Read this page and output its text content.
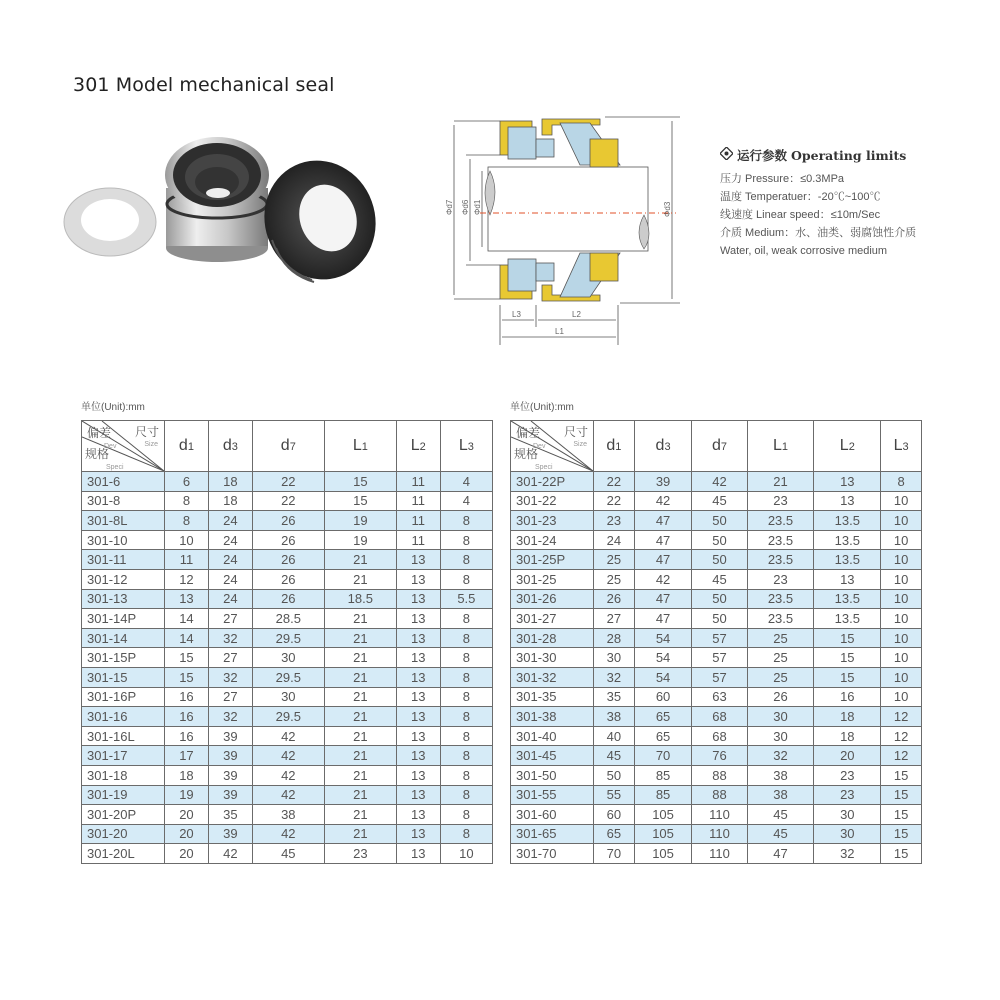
301 Model mechanical seal
Φd7 Φd6 Φd1	Φd3
L3	L2
L1
运行参数 Operating limits
压力 Pressure：≤0.3MPa
温度 Temperatuer：-20℃~100℃
线速度 Linear speed：≤10m/Sec
介质 Medium：水、油类、弱腐蚀性介质
Water, oil, weak corrosive medium
单位(Unit):mm	单位(Unit):mm
偏差 尺寸
Dev	Size
规格
Speci
	d1	d3	d7	L1	L2	L3
301-6	6	18	22	15	11	4
301-8	8	18	22	15	11	4
301-8L	8	24	26	19	11	8
301-10	10	24	26	19	11	8
301-11	11	24	26	21	13	8
301-12	12	24	26	21	13	8
301-13	13	24	26	18.5	13	5.5
301-14P	14	27	28.5	21	13	8
301-14	14	32	29.5	21	13	8
301-15P	15	27	30	21	13	8
301-15	15	32	29.5	21	13	8
301-16P	16	27	30	21	13	8
301-16	16	32	29.5	21	13	8
301-16L	16	39	42	21	13	8
301-17	17	39	42	21	13	8
301-18	18	39	42	21	13	8
301-19	19	39	42	21	13	8
301-20P	20	35	38	21	13	8
301-20	20	39	42	21	13	8
301-20L	20	42	45	23	13	10
偏差 尺寸
Dev	Size
规格
Speci
	d1	d3	d7	L1	L2	L3
301-22P	22	39	42	21	13	8
301-22	22	42	45	23	13	10
301-23	23	47	50	23.5	13.5	10
301-24	24	47	50	23.5	13.5	10
301-25P	25	47	50	23.5	13.5	10
301-25	25	42	45	23	13	10
301-26	26	47	50	23.5	13.5	10
301-27	27	47	50	23.5	13.5	10
301-28	28	54	57	25	15	10
301-30	30	54	57	25	15	10
301-32	32	54	57	25	15	10
301-35	35	60	63	26	16	10
301-38	38	65	68	30	18	12
301-40	40	65	68	30	18	12
301-45	45	70	76	32	20	12
301-50	50	85	88	38	23	15
301-55	55	85	88	38	23	15
301-60	60	105	110	45	30	15
301-65	65	105	110	45	30	15
301-70	70	105	110	47	32	15
